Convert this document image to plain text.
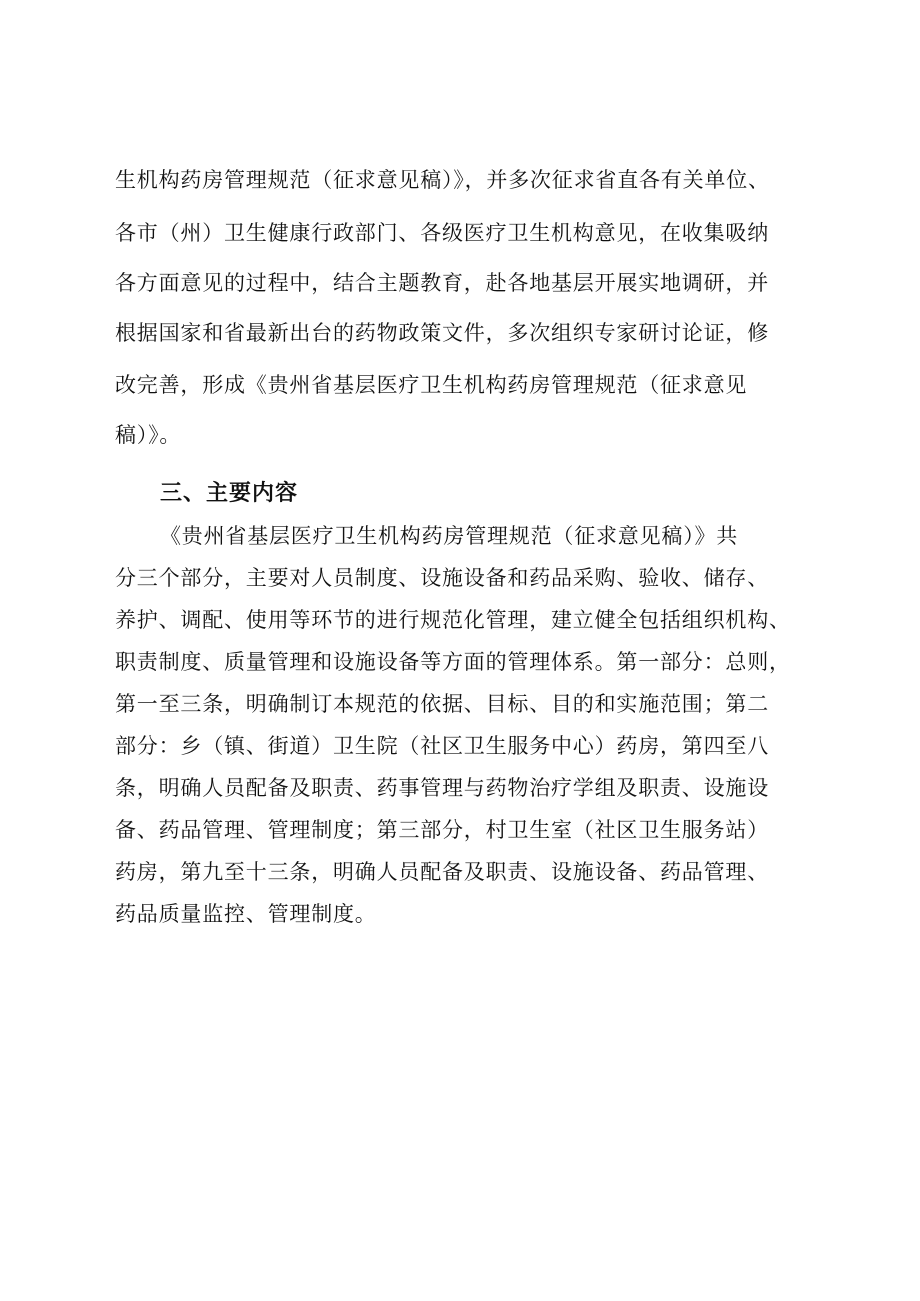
生机构药房管理规范（征求意见稿）》，并多次征求省直各有关单位、
各市（州）卫生健康行政部门、各级医疗卫生机构意见，在收集吸纳
各方面意见的过程中，结合主题教育，赴各地基层开展实地调研，并
根据国家和省最新出台的药物政策文件，多次组织专家研讨论证，修
改完善，形成《贵州省基层医疗卫生机构药房管理规范（征求意见
稿）》。
三、主要内容
《贵州省基层医疗卫生机构药房管理规范（征求意见稿）》共
分三个部分，主要对人员制度、设施设备和药品采购、验收、储存、
养护、调配、使用等环节的进行规范化管理，建立健全包括组织机构、
职责制度、质量管理和设施设备等方面的管理体系。第一部分：总则，
第一至三条，明确制订本规范的依据、目标、目的和实施范围；第二
部分：乡（镇、街道）卫生院（社区卫生服务中心）药房，第四至八
条，明确人员配备及职责、药事管理与药物治疗学组及职责、设施设
备、药品管理、管理制度；第三部分，村卫生室（社区卫生服务站）
药房，第九至十三条，明确人员配备及职责、设施设备、药品管理、
药品质量监控、管理制度。
